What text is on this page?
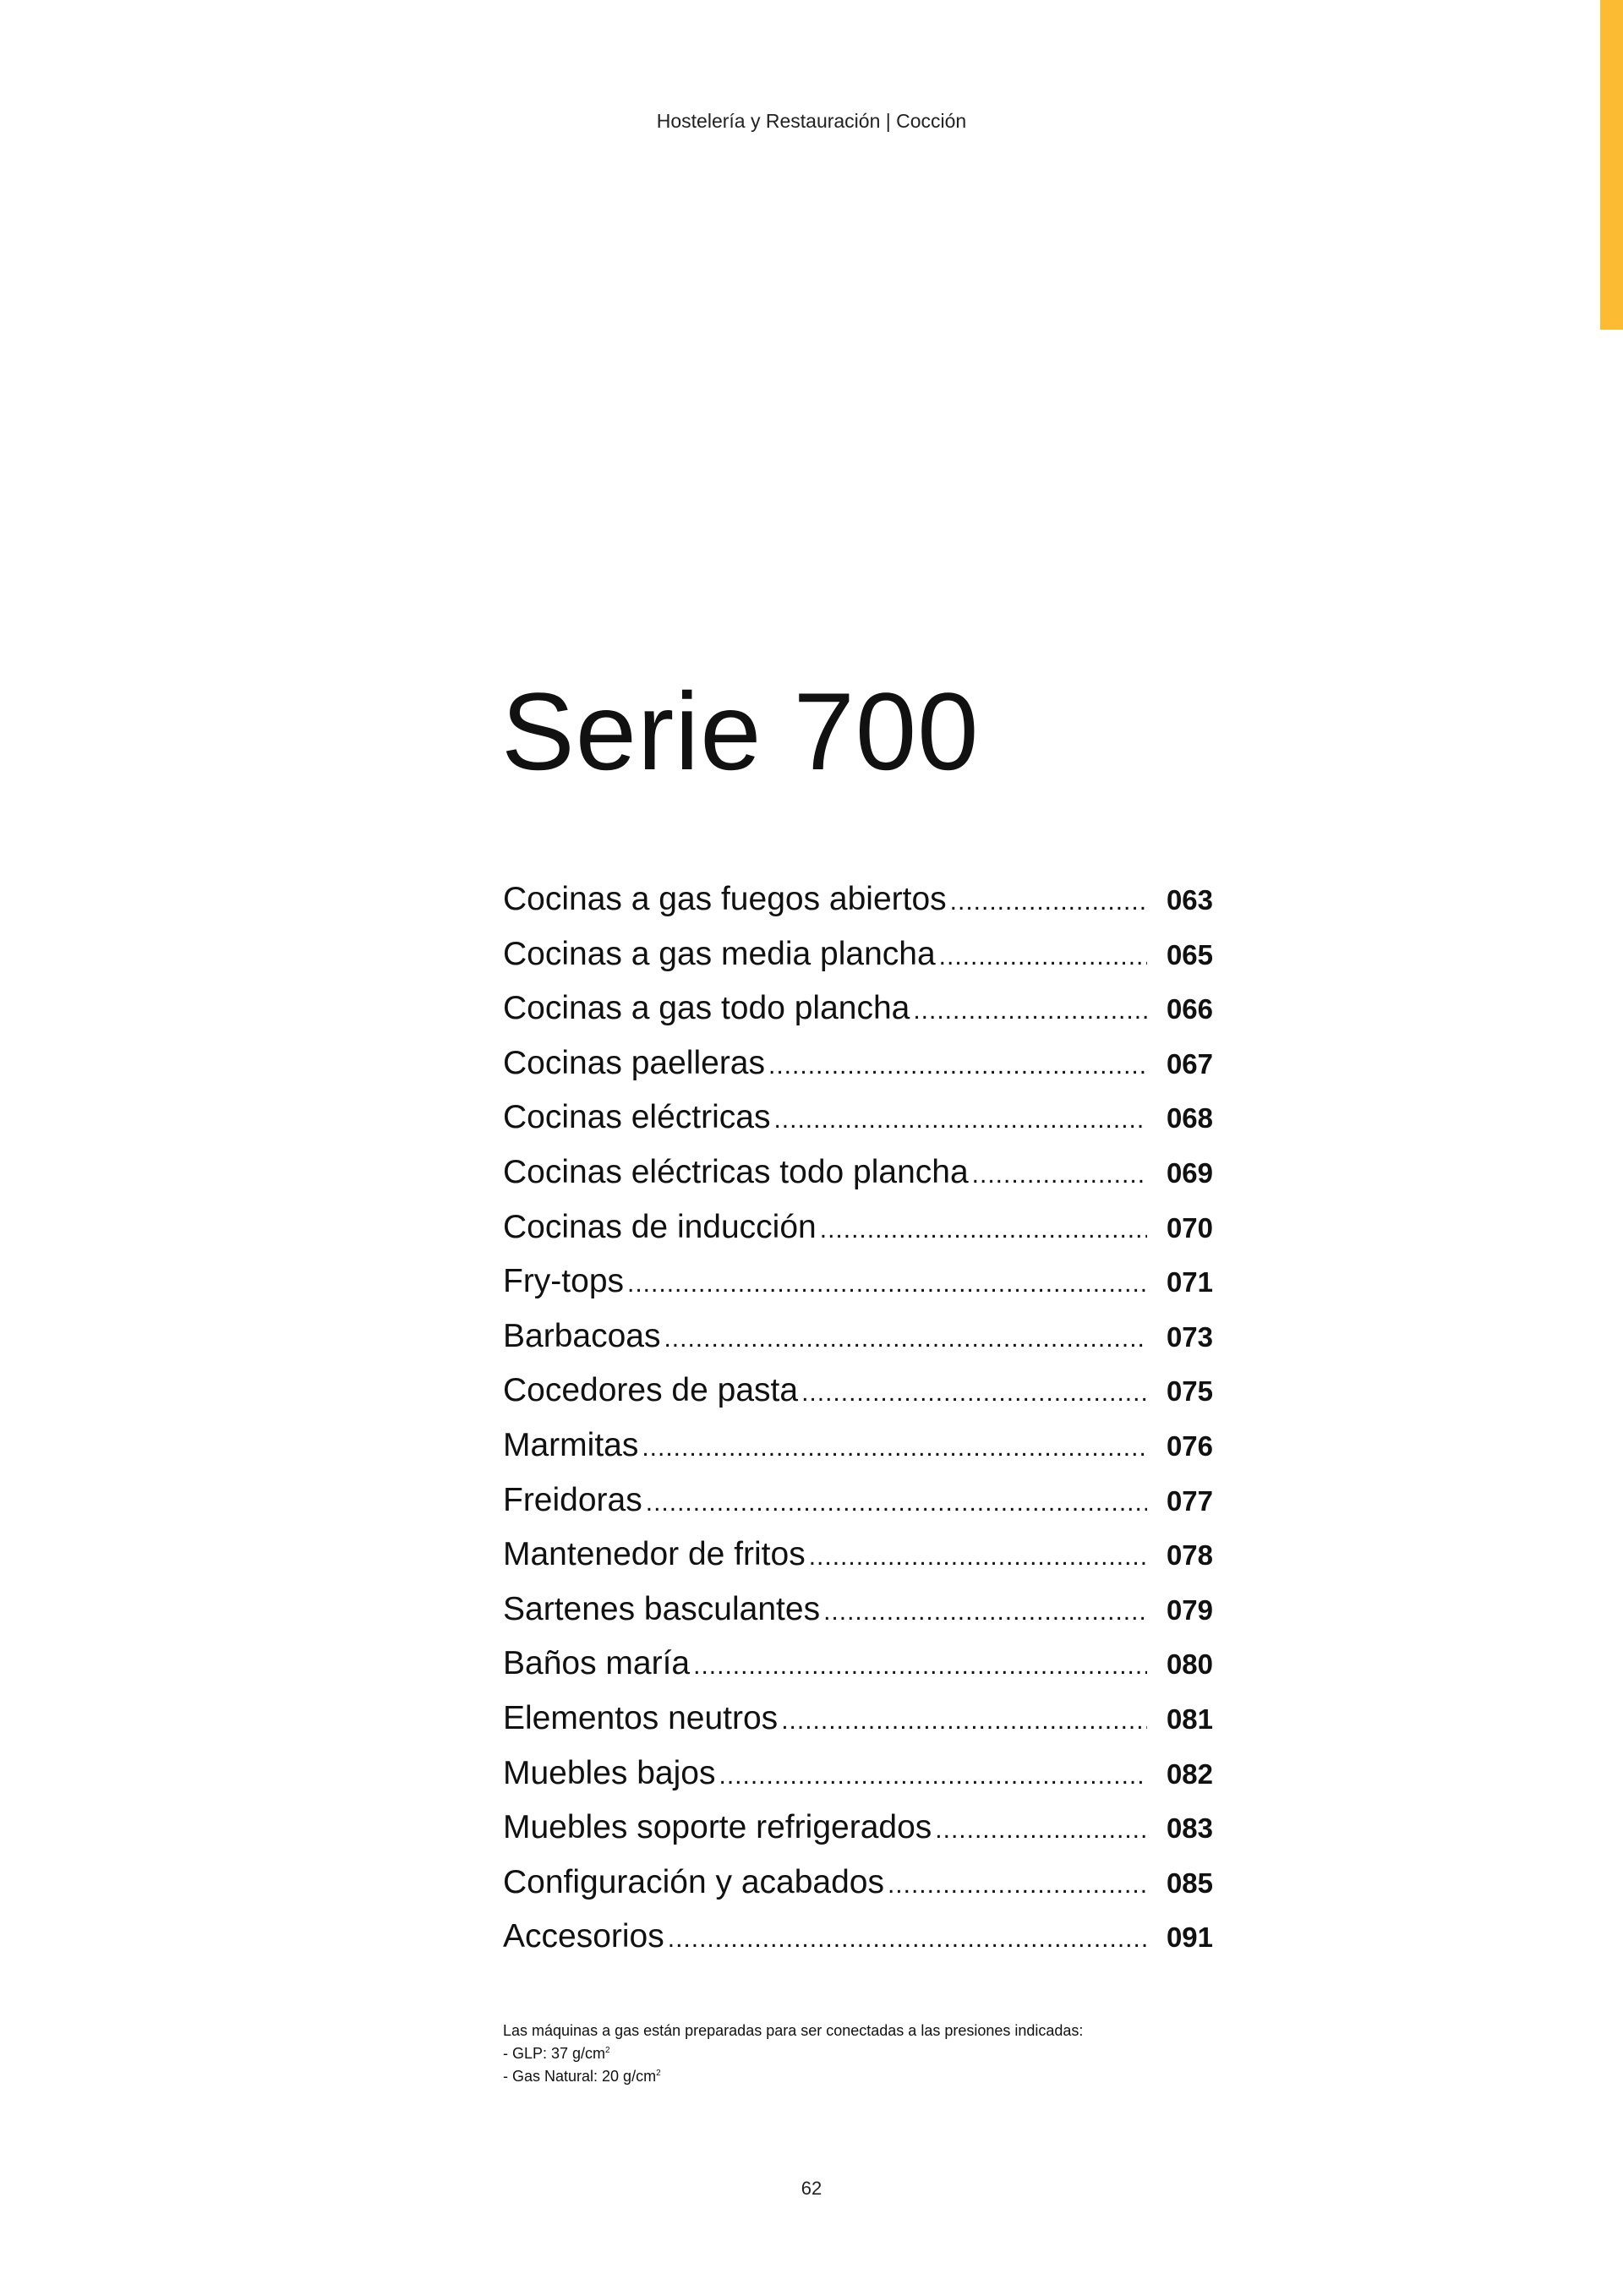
Hostelería y Restauración | Cocción
Serie 700
Cocinas a gas fuegos abiertos .....	063
Cocinas a gas media plancha .....	065
Cocinas a gas todo plancha .....	066
Cocinas paelleras .....	067
Cocinas eléctricas .....	068
Cocinas eléctricas todo plancha .....	069
Cocinas de inducción .....	070
Fry-tops .....	071
Barbacoas .....	073
Cocedores de pasta .....	075
Marmitas .....	076
Freidoras .....	077
Mantenedor de fritos .....	078
Sartenes basculantes .....	079
Baños maría .....	080
Elementos neutros .....	081
Muebles bajos .....	082
Muebles soporte refrigerados .....	083
Configuración y acabados .....	085
Accesorios .....	091
Las máquinas a gas están preparadas para ser conectadas a las presiones indicadas:
- GLP: 37 $g/cm^2$
- Gas Natural: 20 $g/cm^2$
62
